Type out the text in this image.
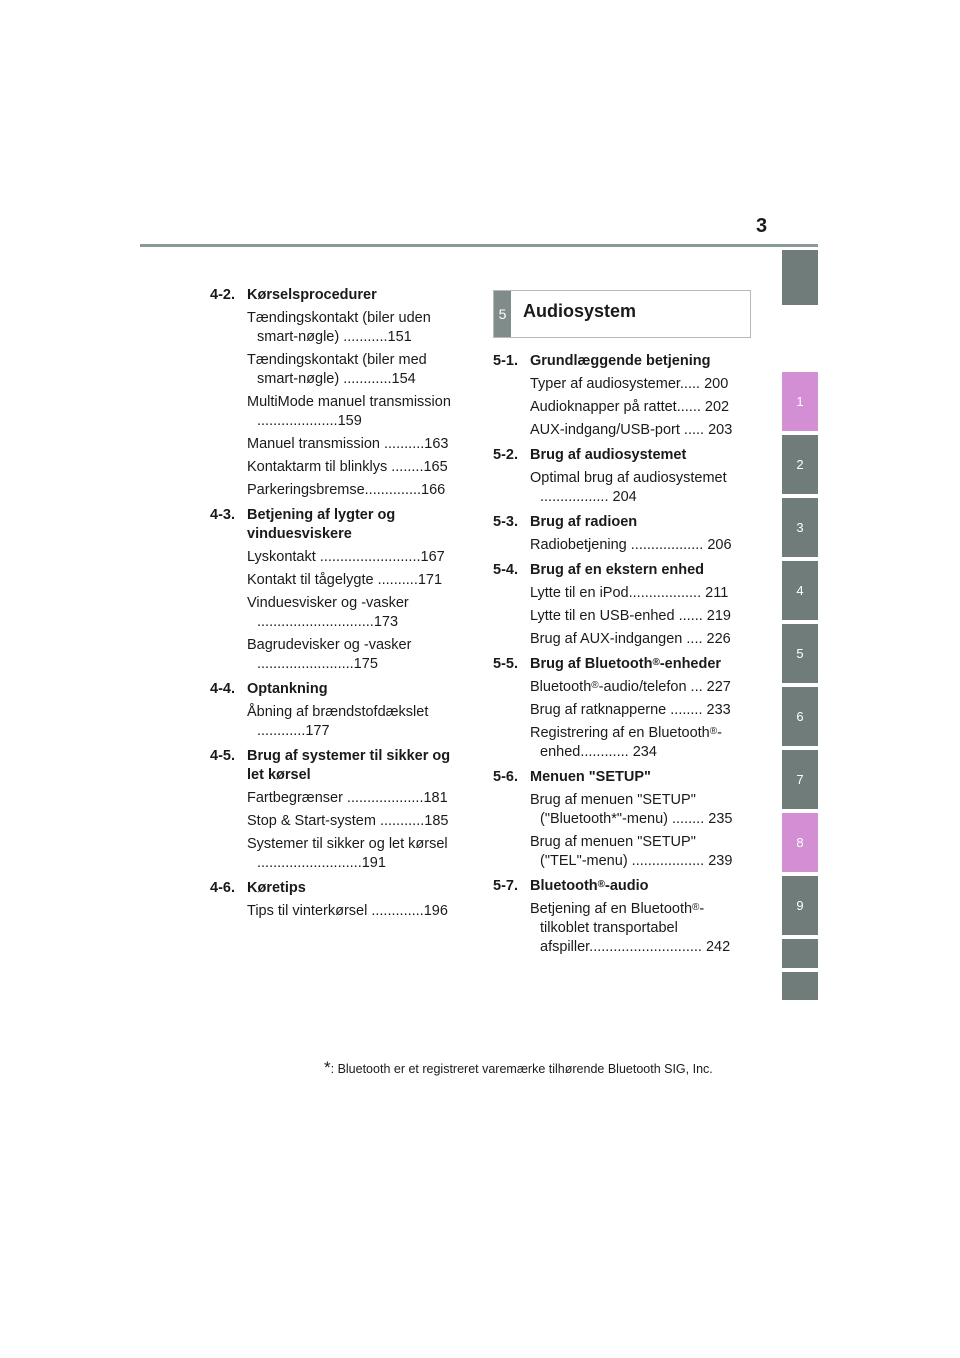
3
4-2. Kørselsprocedurer
Tændingskontakt (biler uden smart-nøgle) ...........151
Tændingskontakt (biler med smart-nøgle) ............154
MultiMode manuel transmission ....................159
Manuel transmission ..........163
Kontaktarm til blinklys ........165
Parkeringsbremse..............166
4-3. Betjening af lygter og vinduesviskere
Lyskontakt .........................167
Kontakt til tågelygte ..........171
Vinduesvisker og -vasker .............................173
Bagrudevisker og -vasker ........................175
4-4. Optankning
Åbning af brændstofdækslet ............177
4-5. Brug af systemer til sikker og let kørsel
Fartbegrænser ...................181
Stop & Start-system ...........185
Systemer til sikker og let kørsel ..........................191
4-6. Køretips
Tips til vinterkørsel .............196
5 Audiosystem
5-1. Grundlæggende betjening
Typer af audiosystemer..... 200
Audioknapper på rattet...... 202
AUX-indgang/USB-port ..... 203
5-2. Brug af audiosystemet
Optimal brug af audiosystemet ................. 204
5-3. Brug af radioen
Radiobetjening .................. 206
5-4. Brug af en ekstern enhed
Lytte til en iPod.................. 211
Lytte til en USB-enhed ...... 219
Brug af AUX-indgangen .... 226
5-5. Brug af Bluetooth®-enheder
Bluetooth®-audio/telefon ... 227
Brug af ratknapperne ........ 233
Registrering af en Bluetooth®-enhed............ 234
5-6. Menuen "SETUP"
Brug af menuen "SETUP" ("Bluetooth*"-menu) ........ 235
Brug af menuen "SETUP" ("TEL"-menu) .................. 239
5-7. Bluetooth®-audio
Betjening af en Bluetooth®-tilkoblet transportabel afspiller............................ 242
1
2
3
4
5
6
7
8
9
*: Bluetooth er et registreret varemærke tilhørende Bluetooth SIG, Inc.
